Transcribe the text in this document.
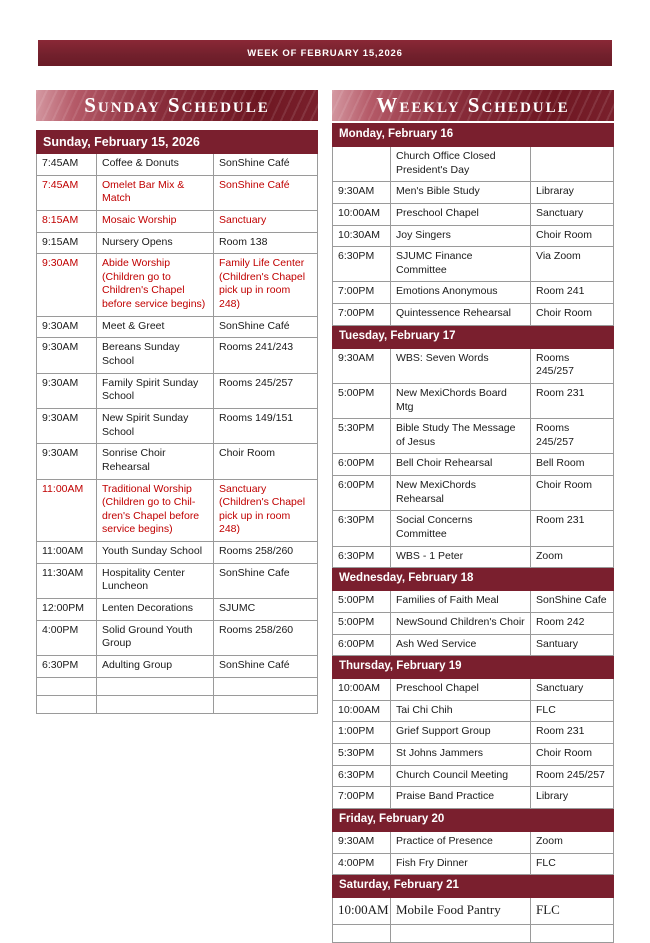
WEEK OF FEBRUARY 15,2026
Sunday Schedule
Sunday, February 15, 2026		
7:45AM	Coffee & Donuts	SonShine Café
7:45AM	Omelet Bar Mix & Match	SonShine Café
8:15AM	Mosaic Worship	Sanctuary
9:15AM	Nursery Opens	Room 138
9:30AM	Abide Worship (Children go to Children's Chapel before service begins)	Family Life Center (Children's Chapel pick up in room 248)
9:30AM	Meet & Greet	SonShine Café
9:30AM	Bereans Sunday School	Rooms 241/243
9:30AM	Family Spirit Sunday School	Rooms 245/257
9:30AM	New Spirit Sunday School	Rooms 149/151
9:30AM	Sonrise Choir Rehearsal	Choir Room
11:00AM	Traditional Worship (Children go to Chil-dren's Chapel before service begins)	Sanctuary (Children's Chapel pick up in room 248)
11:00AM	Youth Sunday School	Rooms 258/260
11:30AM	Hospitality Center Luncheon	SonShine Cafe
12:00PM	Lenten Decorations	SJUMC
4:00PM	Solid Ground Youth Group	Rooms 258/260
6:30PM	Adulting Group	SonShine Café

Weekly Schedule
Monday, February 16		
	Church Office Closed President's Day	
9:30AM	Men's Bible Study	Libraray
10:00AM	Preschool Chapel	Sanctuary
10:30AM	Joy Singers	Choir Room
6:30PM	SJUMC Finance Committee	Via Zoom
7:00PM	Emotions Anonymous	Room 241
7:00PM	Quintessence Rehearsal	Choir Room
Tuesday, February 17		
9:30AM	WBS: Seven Words	Rooms 245/257
5:00PM	New MexiChords Board Mtg	Room 231
5:30PM	Bible Study The Message of Jesus	Rooms 245/257
6:00PM	Bell Choir Rehearsal	Bell Room
6:00PM	New MexiChords Rehearsal	Choir Room
6:30PM	Social Concerns Committee	Room 231
6:30PM	WBS - 1 Peter	Zoom
Wednesday, February 18		
5:00PM	Families of Faith Meal	SonShine Cafe
5:00PM	NewSound Children's Choir	Room 242
6:00PM	Ash Wed Service	Santuary
Thursday, February 19		
10:00AM	Preschool Chapel	Sanctuary
10:00AM	Tai Chi Chih	FLC
1:00PM	Grief Support Group	Room 231
5:30PM	St Johns Jammers	Choir Room
6:30PM	Church Council Meeting	Room 245/257
7:00PM	Praise Band Practice	Library
Friday, February 20		
9:30AM	Practice of Presence	Zoom
4:00PM	Fish Fry Dinner	FLC
Saturday, February 21		
10:00AM	Mobile Food Pantry	FLC
